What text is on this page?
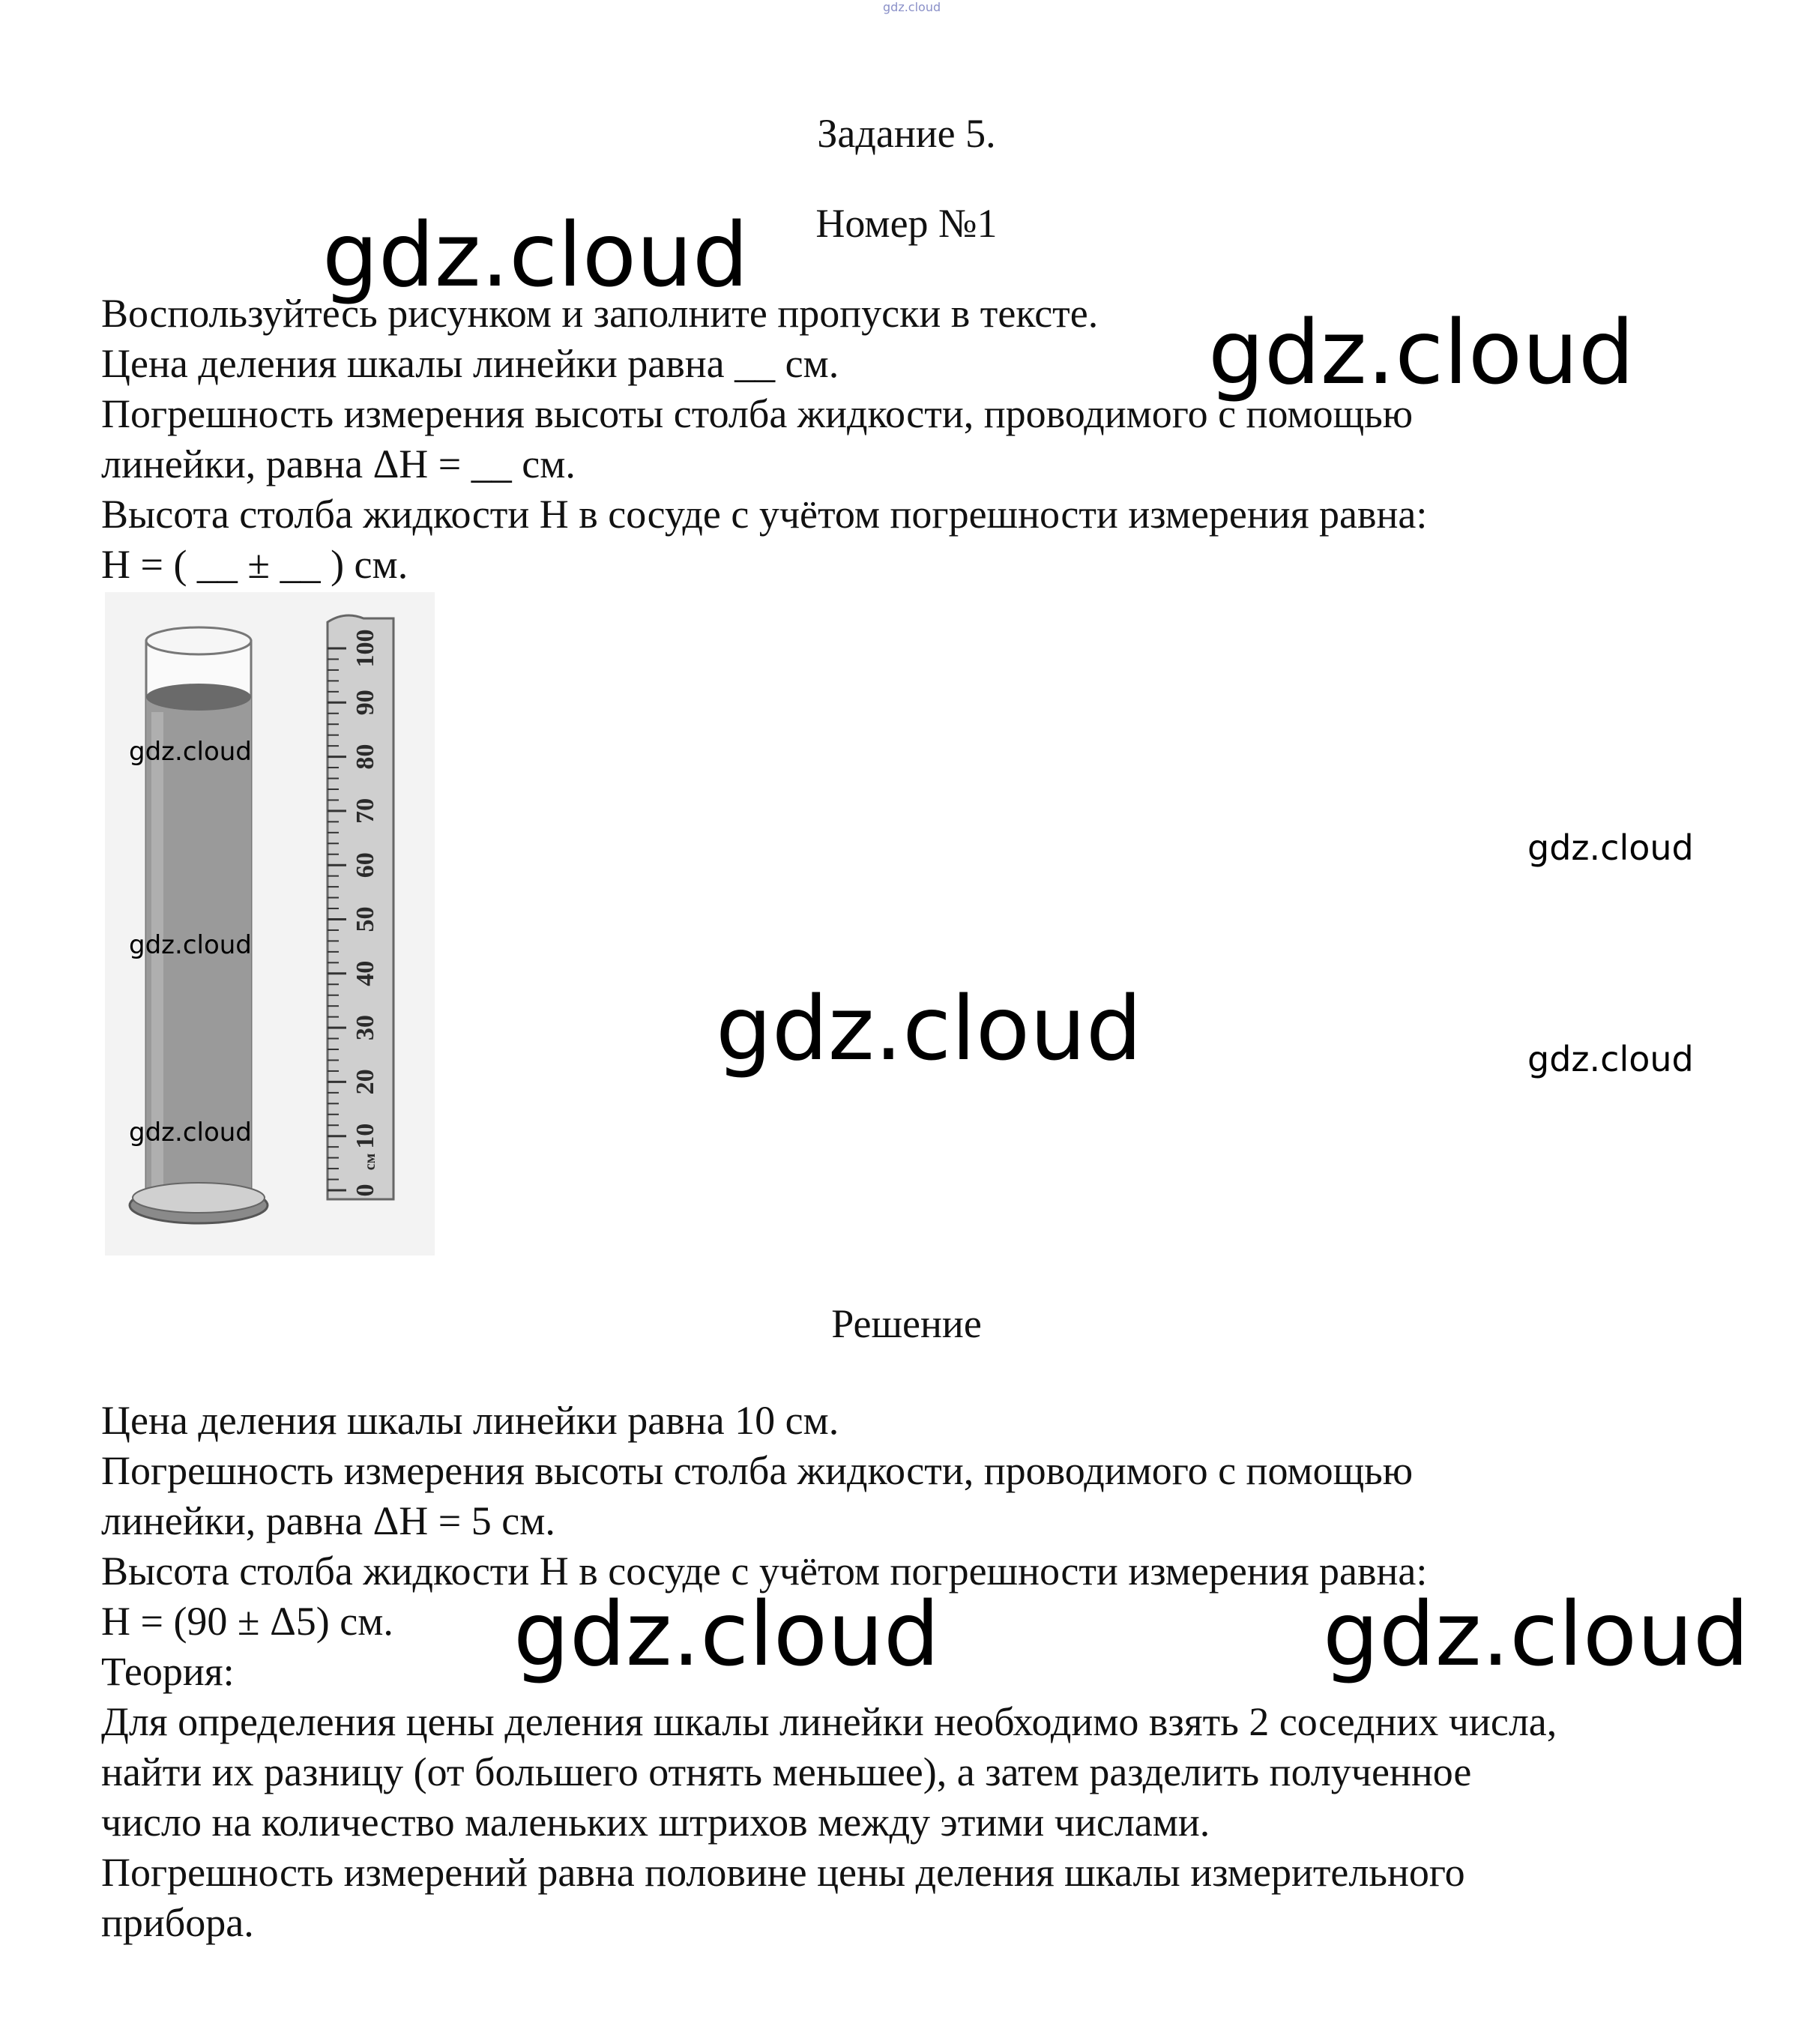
gdz.cloud
Задание 5.
Номер №1
Воспользуйтесь рисунком и заполните пропуски в тексте.
Цена деления шкалы линейки равна __ см.
Погрешность измерения высоты столба жидкости, проводимого с помощью
линейки, равна ΔH = __ см.
Высота столба жидкости H в сосуде с учётом погрешности измерения равна:
H = ( __ ± __ ) см.
0
10
20
30
40
50
60
70
80
90
100
см
gdz.cloud
gdz.cloud
gdz.cloud
gdz.cloud
gdz.cloud
gdz.cloud
gdz.cloud
gdz.cloud
gdz.cloud	gdz.cloud
Решение
Цена деления шкалы линейки равна 10 см.
Погрешность измерения высоты столба жидкости, проводимого с помощью
линейки, равна ΔH = 5 см.
Высота столба жидкости H в сосуде с учётом погрешности измерения равна:
H = (90 ± Δ5) см.
Теория:
Для определения цены деления шкалы линейки необходимо взять 2 соседних числа,
найти их разницу (от большего отнять меньшее), а затем разделить полученное
число на количество маленьких штрихов между этими числами.
Погрешность измерений равна половине цены деления шкалы измерительного
прибора.
